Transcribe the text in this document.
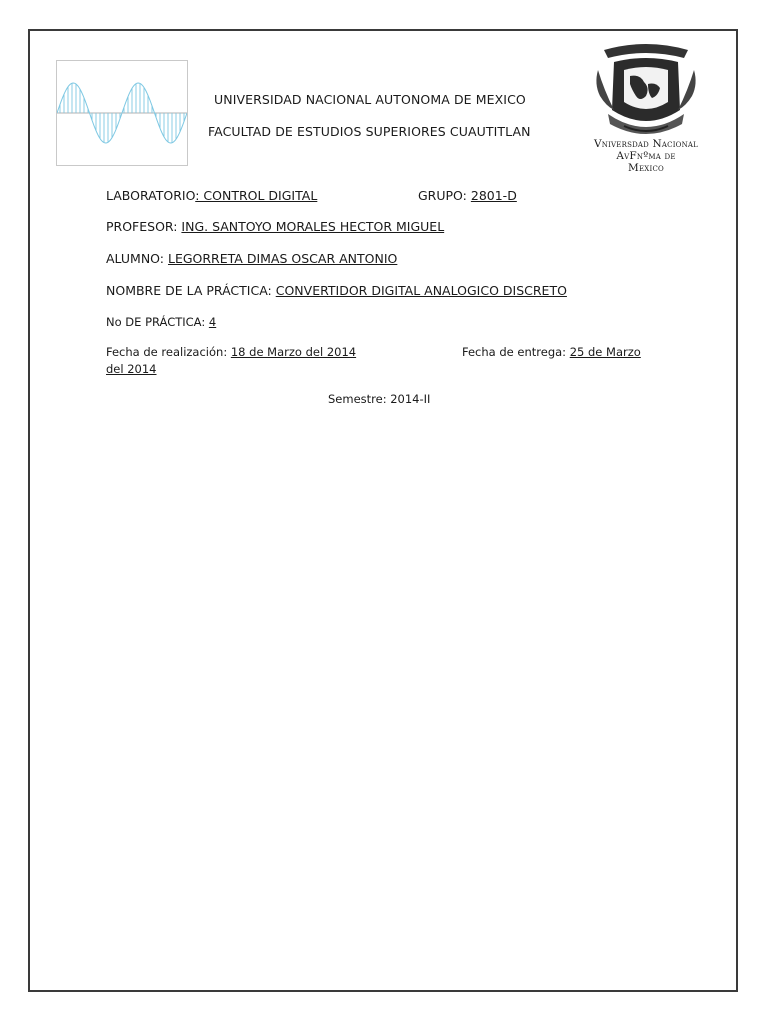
UNIVERSIDAD NACIONAL AUTONOMA DE MEXICO
FACULTAD DE ESTUDIOS SUPERIORES CUAUTITLAN
Vniversdad Nacional
AvFnºma de
Mexico
LABORATORIO: CONTROL DIGITAL	GRUPO: 2801-D
PROFESOR: ING. SANTOYO MORALES HECTOR MIGUEL
ALUMNO: LEGORRETA DIMAS OSCAR ANTONIO
NOMBRE DE LA PRÁCTICA: CONVERTIDOR DIGITAL ANALOGICO DISCRETO
No DE PRÁCTICA: 4
Fecha de realización: 18 de Marzo del 2014	Fecha de entrega: 25 de Marzo
del 2014
Semestre: 2014-II
